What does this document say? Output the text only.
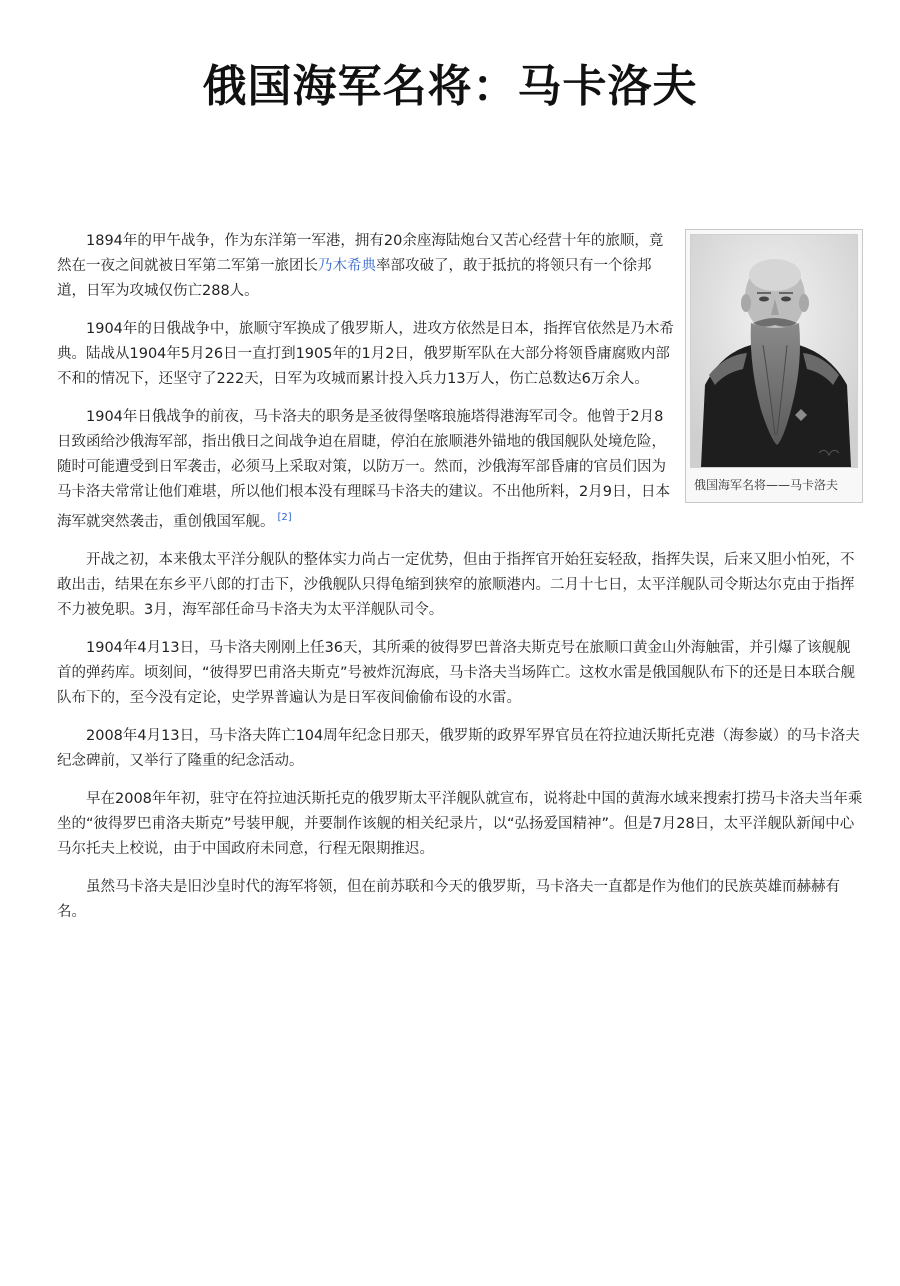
俄国海军名将：马卡洛夫
俄国海军名将——马卡洛夫

1894年的甲午战争，作为东洋第一军港，拥有20余座海陆炮台又苦心经营十年的旅顺，竟然在一夜之间就被日军第二军第一旅团长乃木希典率部攻破了，敢于抵抗的将领只有一个徐邦道，日军为攻城仅伤亡288人。

1904年的日俄战争中，旅顺守军换成了俄罗斯人，进攻方依然是日本，指挥官依然是乃木希典。陆战从1904年5月26日一直打到1905年的1月2日，俄罗斯军队在大部分将领昏庸腐败内部不和的情况下，还坚守了222天，日军为攻城而累计投入兵力13万人，伤亡总数达6万余人。

1904年日俄战争的前夜，马卡洛夫的职务是圣彼得堡喀琅施塔得港海军司令。他曾于2月8日致函给沙俄海军部，指出俄日之间战争迫在眉睫，停泊在旅顺港外锚地的俄国舰队处境危险，随时可能遭受到日军袭击，必须马上采取对策，以防万一。然而，沙俄海军部昏庸的官员们因为马卡洛夫常常让他们难堪，所以他们根本没有理睬马卡洛夫的建议。不出他所料，2月9日，日本海军就突然袭击，重创俄国军舰。 [2]

开战之初，本来俄太平洋分舰队的整体实力尚占一定优势，但由于指挥官开始狂妄轻敌，指挥失误，后来又胆小怕死，不敢出击，结果在东乡平八郎的打击下，沙俄舰队只得龟缩到狭窄的旅顺港内。二月十七日，太平洋舰队司令斯达尔克由于指挥不力被免职。3月，海军部任命马卡洛夫为太平洋舰队司令。

1904年4月13日，马卡洛夫刚刚上任36天，其所乘的彼得罗巴普洛夫斯克号在旅顺口黄金山外海触雷，并引爆了该舰舰首的弹药库。顷刻间，“彼得罗巴甫洛夫斯克”号被炸沉海底，马卡洛夫当场阵亡。这枚水雷是俄国舰队布下的还是日本联合舰队布下的，至今没有定论，史学界普遍认为是日军夜间偷偷布设的水雷。

2008年4月13日，马卡洛夫阵亡104周年纪念日那天，俄罗斯的政界军界官员在符拉迪沃斯托克港（海参崴）的马卡洛夫纪念碑前，又举行了隆重的纪念活动。

早在2008年年初，驻守在符拉迪沃斯托克的俄罗斯太平洋舰队就宣布，说将赴中国的黄海水域来搜索打捞马卡洛夫当年乘坐的“彼得罗巴甫洛夫斯克”号装甲舰，并要制作该舰的相关纪录片，以“弘扬爱国精神”。但是7月28日，太平洋舰队新闻中心马尔托夫上校说，由于中国政府未同意，行程无限期推迟。

虽然马卡洛夫是旧沙皇时代的海军将领，但在前苏联和今天的俄罗斯，马卡洛夫一直都是作为他们的民族英雄而赫赫有名。
